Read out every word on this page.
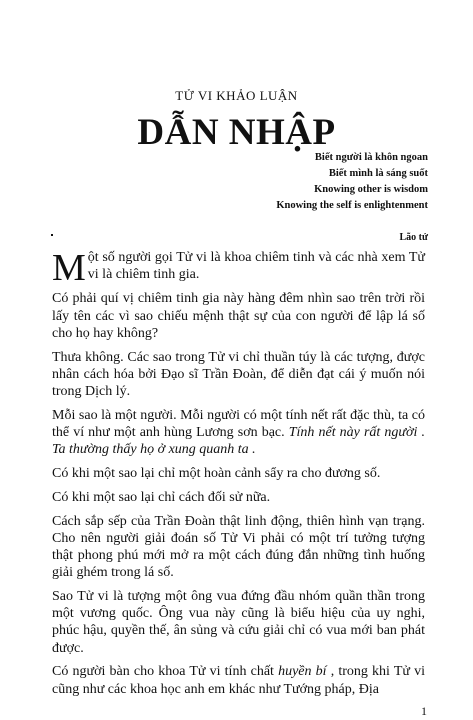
TỬ VI KHẢO LUẬN
DẪN NHẬP
Biết người là khôn ngoan
Biết mình là sáng suốt
Knowing other is wisdom
Knowing the self is enlightenment
Lão tử

Một số người gọi Tử vi là khoa chiêm tinh và các nhà xem Tử vi là chiêm tinh gia.

Có phải quí vị chiêm tinh gia này hàng đêm nhìn sao trên trời rồi lấy tên các vì sao chiếu mệnh thật sự của con người để lập lá số cho họ hay không?

Thưa không. Các sao trong Tử vi chỉ thuần túy là các tượng, được nhân cách hóa bởi Đạo sĩ Trần Đoàn, để diễn đạt cái ý muốn nói trong Dịch lý.

Mỗi sao là một người. Mỗi người có một tính nết rất đặc thù, ta có thể ví như một anh hùng Lương sơn bạc. Tính nết này rất người . Ta thường thấy họ ở xung quanh ta .

Có khi một sao lại chỉ một hoàn cảnh sẩy ra cho đương số.

Có khi một sao lại chỉ cách đối sử nữa.

Cách sắp sếp của Trần Đoàn thật linh động, thiên hình vạn trạng. Cho nên người giải đoán số Tử Vi phải có một trí tưởng tượng thật phong phú mới mở ra một cách đúng đắn những tình huống giải ghém trong lá số.

Sao Tử vi là tượng một ông vua đứng đầu nhóm quần thần trong một vương quốc. Ông vua này cũng là biểu hiệu của uy nghi, phúc hậu, quyền thế, ân sủng và cứu giải chỉ có vua mới ban phát được.

Có người bàn cho khoa Tử vi tính chất huyền bí , trong khi Tử vi cũng như các khoa học anh em khác như Tướng pháp, Địa

1
